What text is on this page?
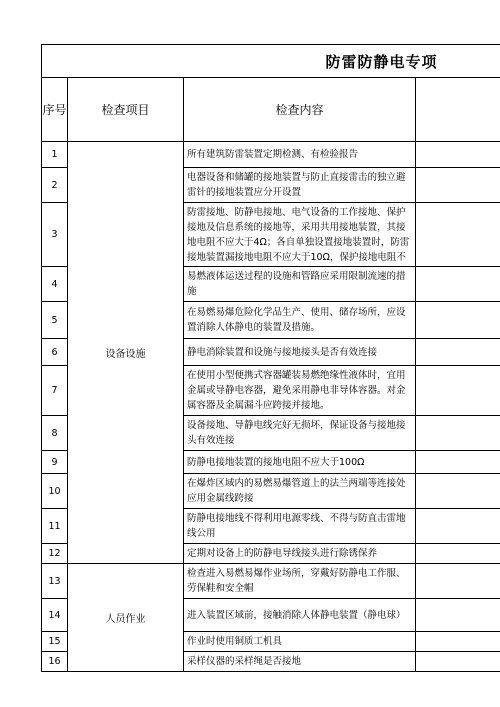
防雷防静电专项			
序号	检查项目	检查内容	
1	设备设施	所有建筑防雷装置定期检测、有检验报告	
2		电器设备和储罐的接地装置与防止直接雷击的独立避雷针的接地装置应分开设置	
3		防雷接地、防静电接地、电气设备的工作接地、保护接地及信息系统的接地等，采用共用接地装置，其接地电阻不应大于4Ω；各自单独设置接地装置时，防雷接地装置漏接地电阻不应大于10Ω，保护接地电阻不	

4		易燃液体运送过程的设施和管路应采用限制流速的措施	
5		在易燃易爆危险化学品生产、使用、储存场所，应设置消除人体静电的装置及措施。	
6		静电消除装置和设施与接地接头是否有效连接	
7		在使用小型便携式容器罐装易燃绝缘性液体时，宜用金属或导静电容器，避免采用静电非导体容器。对金属容器及金属漏斗应跨接并接地。	
8		设备接地、导静电线完好无损坏，保证设备与接地接头有效连接	
9		防静电接地装置的接地电阻不应大于100Ω	
10		在爆炸区域内的易燃易爆管道上的法兰两端等连接处应用金属线跨接	
11		防静电接地线不得利用电源零线、不得与防直击雷地线公用	
12		定期对设备上的防静电导线接头进行除锈保养	
13	人员作业	检查进入易燃易爆作业场所，穿戴好防静电工作服、劳保鞋和安全帽	
14		进入装置区域前，接触消除人体静电装置（静电球）	
15		作业时使用铜质工机具	
16		采样仪器的采样绳是否接地	
